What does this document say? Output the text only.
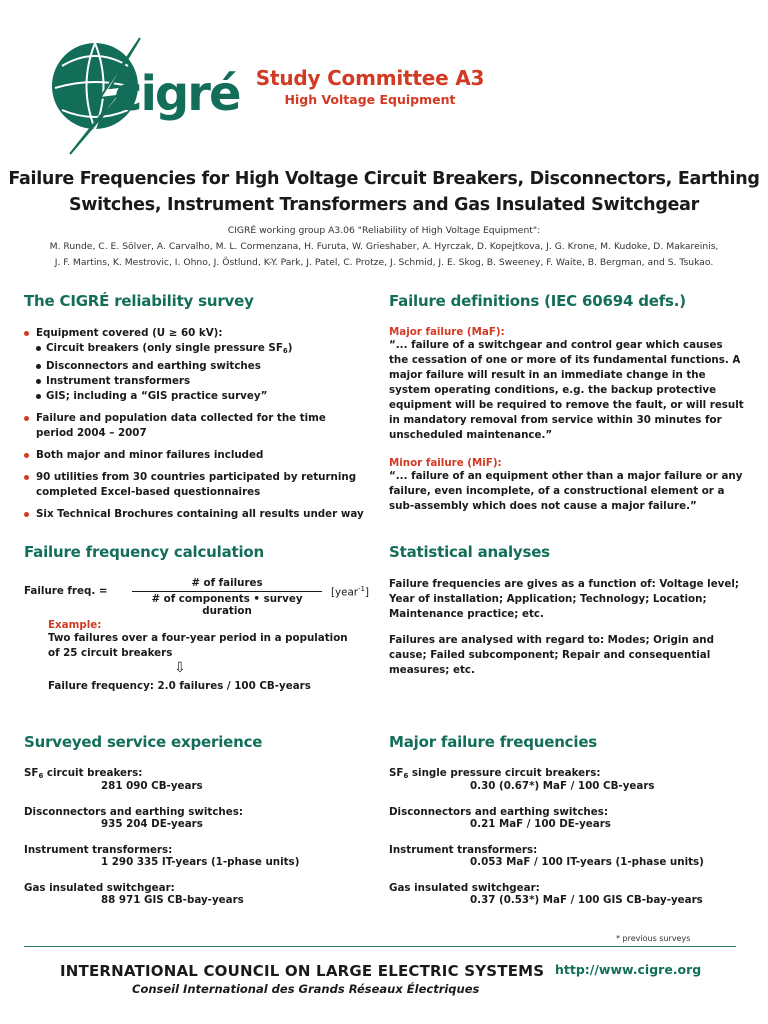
cigré Study Committee A3
High Voltage Equipment
Failure Frequencies for High Voltage Circuit Breakers, Disconnectors, Earthing
Switches, Instrument Transformers and Gas Insulated Switchgear
CIGRÉ working group A3.06 "Reliability of High Voltage Equipment":
M. Runde, C. E. Sölver, A. Carvalho, M. L. Cormenzana, H. Furuta, W. Grieshaber, A. Hyrczak, D. Kopejtkova, J. G. Krone, M. Kudoke, D. Makareinis,
J. F. Martins, K. Mestrovic, I. Ohno, J. Östlund, K-Y. Park, J. Patel, C. Protze, J. Schmid, J. E. Skog, B. Sweeney, F. Waite, B. Bergman, and S. Tsukao.
The CIGRÉ reliability survey
Equipment covered (U ≥ 60 kV):
Circuit breakers (only single pressure $SF_6$)
Disconnectors and earthing switches
Instrument transformers
GIS; including a “GIS practice survey”
Failure and population data collected for the time period 2004 – 2007
Both major and minor failures included
90 utilities from 30 countries participated by returning completed Excel-based questionnaires
Six Technical Brochures containing all results under way
Failure definitions (IEC 60694 defs.)
Major failure (MaF):
“... failure of a switchgear and control gear which causes the cessation of one or more of its fundamental functions. A major failure will result in an immediate change in the system operating conditions, e.g. the backup protective equipment will be required to remove the fault, or will result in mandatory removal from service within 30 minutes for unscheduled maintenance.”
Minor failure (MiF):
“... failure of an equipment other than a major failure or any failure, even incomplete, of a constructional element or a sub-assembly which does not cause a major failure.”
Failure frequency calculation
Failure freq. =
# of failures
# of components • survey duration
[year$^{-1}$]
Example:
Two failures over a four-year period in a population of 25 circuit breakers
⇩
Failure frequency: 2.0 failures / 100 CB-years
Statistical analyses
Failure frequencies are gives as a function of: Voltage level; Year of installation; Application; Technology; Location; Maintenance practice; etc.
Failures are analysed with regard to: Modes; Origin and cause; Failed subcomponent; Repair and consequential measures; etc.
Surveyed service experience
$SF_6$ circuit breakers:
281 090 CB-years
Disconnectors and earthing switches:
935 204 DE-years
Instrument transformers:
1 290 335 IT-years (1-phase units)
Gas insulated switchgear:
88 971 GIS CB-bay-years
Major failure frequencies
$SF_6$ single pressure circuit breakers:
0.30 (0.67*) MaF / 100 CB-years
Disconnectors and earthing switches:
0.21 MaF / 100 DE-years
Instrument transformers:
0.053 MaF / 100 IT-years (1-phase units)
Gas insulated switchgear:
0.37 (0.53*) MaF / 100 GIS CB-bay-years
* previous surveys
INTERNATIONAL COUNCIL ON LARGE ELECTRIC SYSTEMS
Conseil International des Grands Réseaux Électriques
http://www.cigre.org
